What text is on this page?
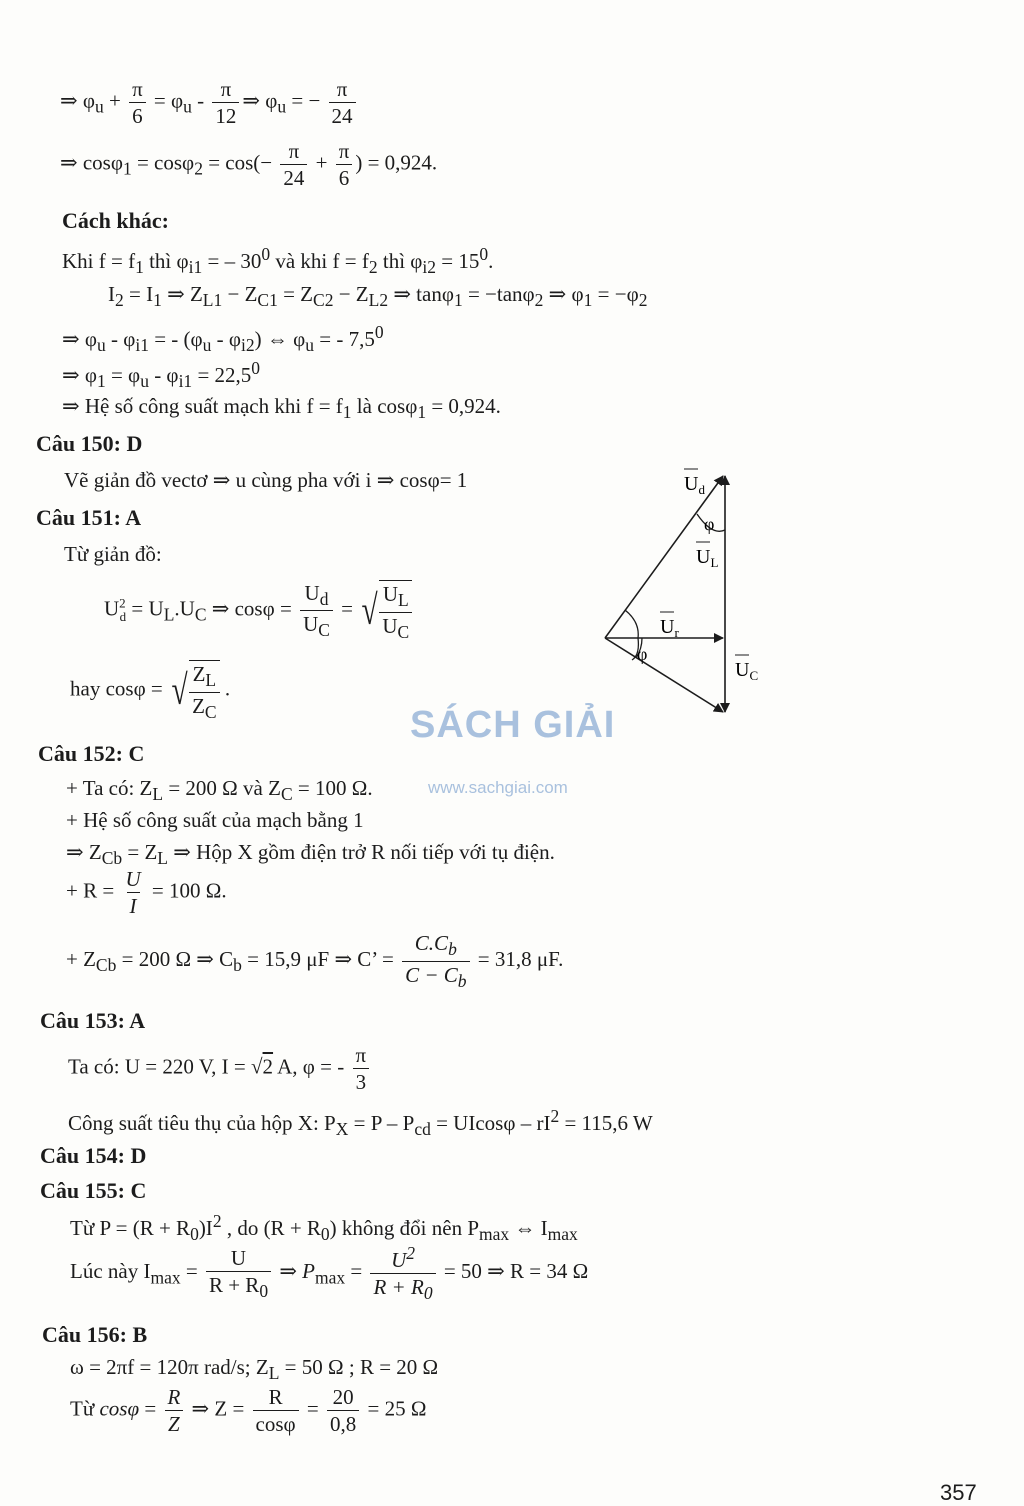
⇒ $\varphi_u + \frac{\pi}{6} = \varphi_u - \frac{\pi}{12}$ ⇒ $\varphi_u$ = − $\frac{\pi}{24}$
⇒ $\cos\varphi_1 = \cos\varphi_2 = \cos(- \frac{\pi}{24} + \frac{\pi}{6}$ ) = 0,924.
Cách khác:
Khi $f = f_1$ thì $\varphi_{i1}$ = – $30^0$ và khi $f = f_2$ thì $\varphi_{i2} = 15^0$.
$I_2 = I_1$ ⇒ $Z_{L1} - Z_{C1} = Z_{C2} - Z_{L2}$ ⇒ tanφ$_1$ = −tanφ$_2$ ⇒ $\varphi_1 = -\varphi_2$
⇒ $\varphi_u - \varphi_{i1}$ = - $(\varphi_u - \varphi_{i2})$ ⇔ $\varphi_u$ = - $7,5^0$
⇒ $\varphi_1 = \varphi_u - \varphi_{i1} = 22,5^0$
⇒ Hệ số công suất mạch khi $f = f_1$ là cosφ$_1$ = 0,924.
Câu 150: D
Vẽ giản đồ vectơ ⇒ u cùng pha với i ⇒ cosφ= 1
Câu 151: A
Từ giản đồ:
$U^2_d = U_L.U_C$ ⇒ $\cos\varphi = \frac{U_d}{U_C}$ = √ $\frac{U_L}{U_C}$
hay cosφ = √ $\frac{Z_L}{Z_C}$ .
$U_d$
φ
$U_L$
$U_r$
φ
$U_C$
SÁCH GIẢI
www.sachgiai.com
Câu 152: C
+ Ta có: $Z_L = 200$ Ω và $Z_C = 100$ Ω.
+ Hệ số công suất của mạch bằng 1
⇒ $Z_{Cb} = Z_L$ ⇒ Hộp X gồm điện trở R nối tiếp với tụ điện.
+ $R = \frac{U}{I} = 100$ Ω.
+ $Z_{Cb} = 200$ Ω ⇒ $C_b = 15,9$ μF ⇒ C’ = $\frac{C.C_b}{C - C_b} = 31,8$ μF.
Câu 153: A
Ta có: U = 220 V, I = √2 A, φ = - $\frac{\pi}{3}$
Công suất tiêu thụ của hộp X: $P_X = P - P_{cd} = UIcos\varphi - rI^2 = 115,6$ W
Câu 154: D
Câu 155: C
Từ $P = (R + R_0)I^2$ , do $(R + R_0)$ không đổi nên $P_{max}$ ⇔ $I_{max}$
Lúc này $I_{max} = \frac{U}{R + R_0}$ ⇒ $P_{max} = \frac{U^2}{R + R_0} = 50$ ⇒ R = 34 Ω
Câu 156: B
ω = 2πf = 120π rad/s; $Z_L = 50$ Ω ; R = 20 Ω
Từ $\cos\varphi = \frac{R}{Z}$ ⇒ $Z = \frac{R}{\cos\varphi} = \frac{20}{0,8} = 25$ Ω
357
